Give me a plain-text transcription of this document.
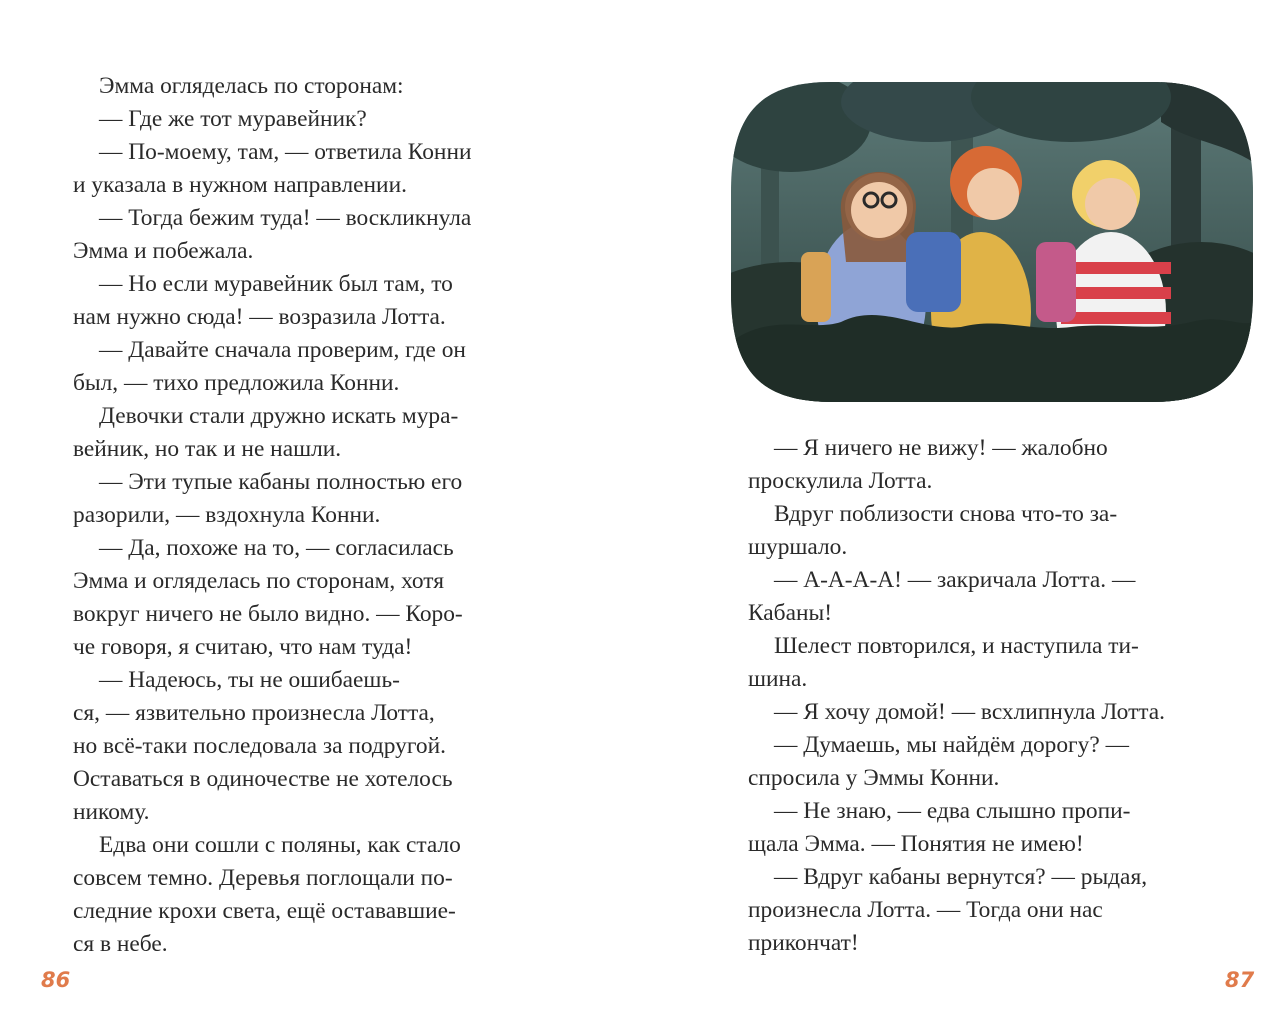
Эмма огляделась по сторонам:
— Где же тот муравейник?
— По-моему, там, — ответила Конни
и указала в нужном направлении.
— Тогда бежим туда! — воскликнула
Эмма и побежала.
— Но если муравейник был там, то
нам нужно сюда! — возразила Лотта.
— Давайте сначала проверим, где он
был, — тихо предложила Конни.
Девочки стали дружно искать мура-
вейник, но так и не нашли.
— Эти тупые кабаны полностью его
разорили, — вздохнула Конни.
— Да, похоже на то, — согласилась
Эмма и огляделась по сторонам, хотя
вокруг ничего не было видно. — Коро-
че говоря, я считаю, что нам туда!
— Надеюсь, ты не ошибаешь-
ся, — язвительно произнесла Лотта,
но всё-таки последовала за подругой.
Оставаться в одиночестве не хотелось
никому.
Едва они сошли с поляны, как стало
совсем темно. Деревья поглощали по-
следние крохи света, ещё остававшие-
ся в небе.
86
— Я ничего не вижу! — жалобно
проскулила Лотта.
Вдруг поблизости снова что-то за-
шуршало.
— А-А-А-А! — закричала Лотта. —
Кабаны!
Шелест повторился, и наступила ти-
шина.
— Я хочу домой! — всхлипнула Лотта.
— Думаешь, мы найдём дорогу? —
спросила у Эммы Конни.
— Не знаю, — едва слышно пропи-
щала Эмма. — Понятия не имею!
— Вдруг кабаны вернутся? — рыдая,
произнесла Лотта. — Тогда они нас
прикончат!
87
